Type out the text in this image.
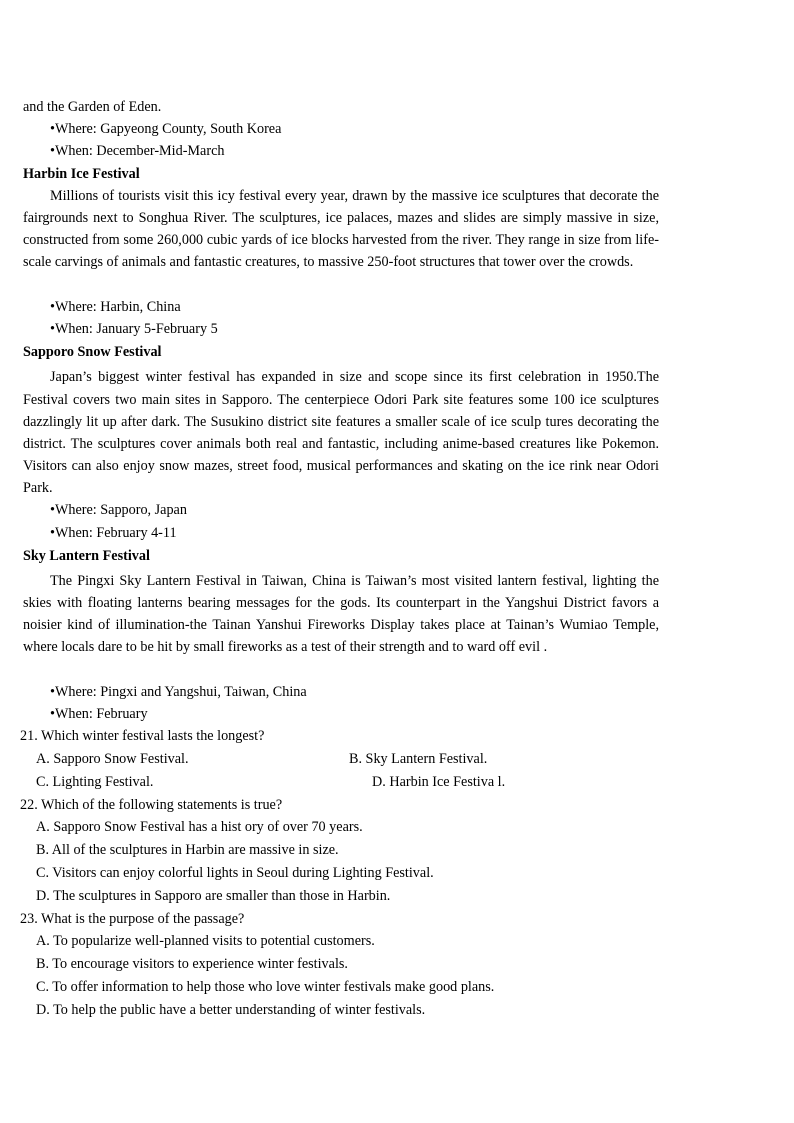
and the Garden of Eden.
•Where: Gapyeong County, South Korea
•When: December-Mid-March
Harbin Ice Festival

Millions of tourists visit this icy festival every year, drawn by the massive ice sculptures that decorate the fairgrounds next to Songhua River. The sculptures, ice palaces, mazes and slides are simply massive in size, constructed from some 260,000 cubic yards of ice blocks harvested from the river. They range in size from life-scale carvings of animals and fantastic creatures, to massive 250-foot structures that tower over the crowds.

•Where: Harbin, China
•When: January 5-February 5
Sapporo Snow Festival

Japan’s biggest winter festival has expanded in size and scope since its first celebration in 1950.The Festival covers two main sites in Sapporo. The centerpiece Odori Park site features some 100 ice sculptures dazzlingly lit up after dark. The Susukino district site features a smaller scale of ice sculp tures decorating the district. The sculptures cover animals both real and fantastic, including anime-based creatures like Pokemon. Visitors can also enjoy snow mazes, street food, musical performances and skating on the ice rink near Odori Park.

•Where: Sapporo, Japan
•When: February 4-11
Sky Lantern Festival

The Pingxi Sky Lantern Festival in Taiwan, China is Taiwan’s most visited lantern festival, lighting the skies with floating lanterns bearing messages for the gods. Its counterpart in the Yangshui District favors a noisier kind of illumination-the Tainan Yanshui Fireworks Display takes place at Tainan’s Wumiao Temple, where locals dare to be hit by small fireworks as a test of their strength and to ward off evil .

•Where: Pingxi and Yangshui, Taiwan, China
•When: February
21. Which winter festival lasts the longest?
A. Sapporo Snow Festival.	B. Sky Lantern Festival.
C. Lighting Festival.	D. Harbin Ice Festiva l.
22. Which of the following statements is true?
A. Sapporo Snow Festival has a hist ory of over 70 years.
B. All of the sculptures in Harbin are massive in size.
C. Visitors can enjoy colorful lights in Seoul during Lighting Festival.
D. The sculptures in Sapporo are smaller than those in Harbin.
23. What is the purpose of the passage?
A. To popularize well-planned visits to potential customers.
B. To encourage visitors to experience winter festivals.
C. To offer information to help those who love winter festivals make good plans.
D. To help the public have a better understanding of winter festivals.
